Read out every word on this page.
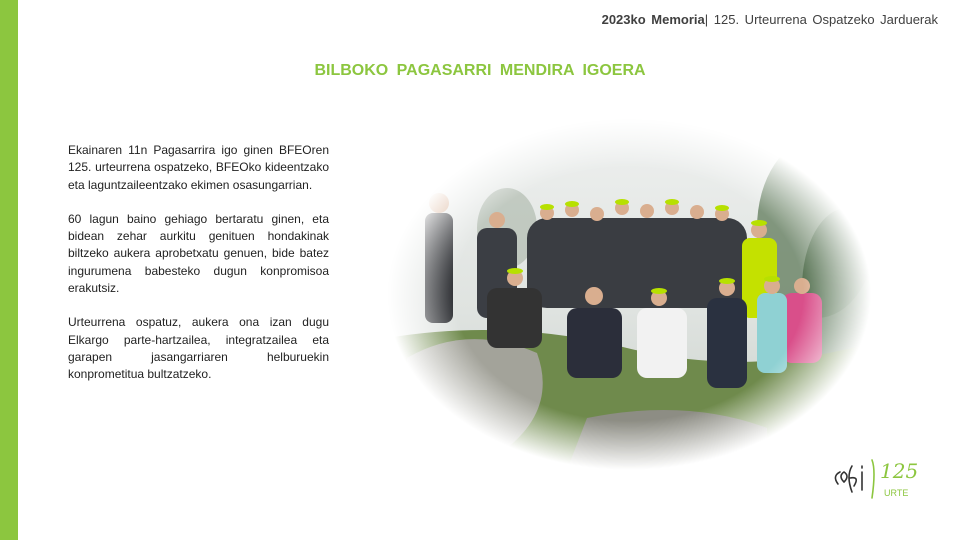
2023ko Memoria| 125. Urteurrena Ospatzeko Jarduerak
BILBOKO PAGASARRI MENDIRA IGOERA

Ekainaren 11n Pagasarrira igo ginen BFEOren 125. urteurrena ospatzeko, BFEOko kideentzako eta laguntzaileentzako ekimen osasungarrian.

60 lagun baino gehiago bertaratu ginen, eta bidean zehar aurkitu genituen hondakinak biltzeko aukera aprobetxatu genuen, bide batez ingurumena babesteko dugun konpromisoa erakutsiz.

Urteurrena ospatuz, aukera ona izan dugu Elkargo parte-hartzailea, integratzailea eta garapen jasangarriaren helburuekin konprometitua bultzatzeko.

125
URTE
